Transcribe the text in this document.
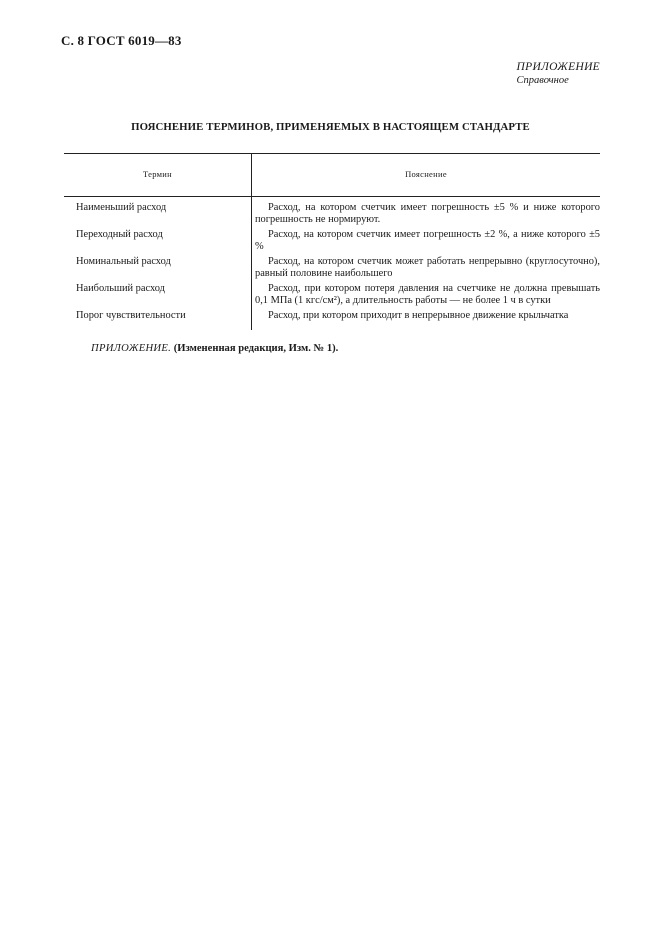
С. 8 ГОСТ 6019—83
ПРИЛОЖЕНИЕ
Справочное
ПОЯСНЕНИЕ ТЕРМИНОВ, ПРИМЕНЯЕМЫХ В НАСТОЯЩЕМ СТАНДАРТЕ
Термин	Пояснение
Наименьший расход	Расход, на котором счетчик имеет погрешность ±5 % и ниже которого погрешность не нормируют.
Переходный расход	Расход, на котором счетчик имеет погрешность ±2 %, а ниже которого ±5 %
Номинальный расход	Расход, на котором счетчик может работать непрерывно (круглосуточно), равный половине наибольшего
Наибольший расход	Расход, при котором потеря давления на счетчике не должна превышать 0,1 МПа (1 кгс/см²), а длительность работы — не более 1 ч в сутки
Порог чувствительности	Расход, при котором приходит в непрерывное движение крыльчатка
ПРИЛОЖЕНИЕ. (Измененная редакция, Изм. № 1).
